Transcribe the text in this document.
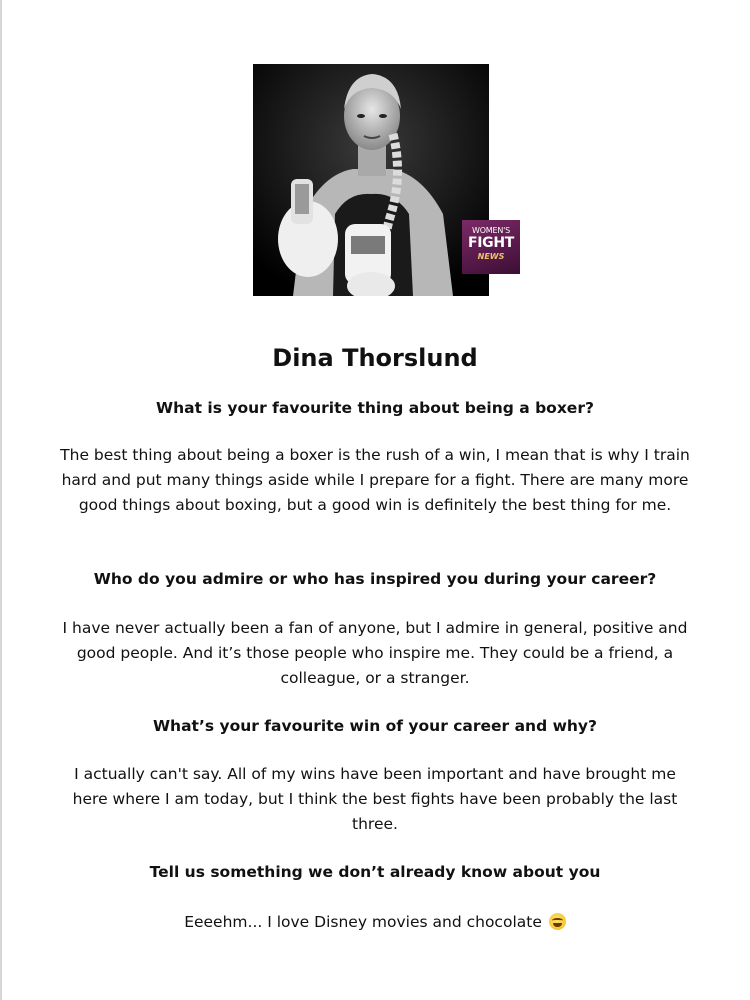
WOMEN'S
FIGHT
NEWS
Dina Thorslund
What is your favourite thing about being a boxer?
The best thing about being a boxer is the rush of a win, I mean that is why I train hard and put many things aside while I prepare for a fight. There are many more good things about boxing, but a good win is definitely the best thing for me.
Who do you admire or who has inspired you during your career?
I have never actually been a fan of anyone, but I admire in general, positive and good people. And it’s those people who inspire me. They could be a friend, a colleague, or a stranger.
What’s your favourite win of your career and why?
I actually can't say. All of my wins have been important and have brought me here where I am today, but I think the best fights have been probably the last three.
Tell us something we don’t already know about you
Eeeehm... I love Disney movies and chocolate
